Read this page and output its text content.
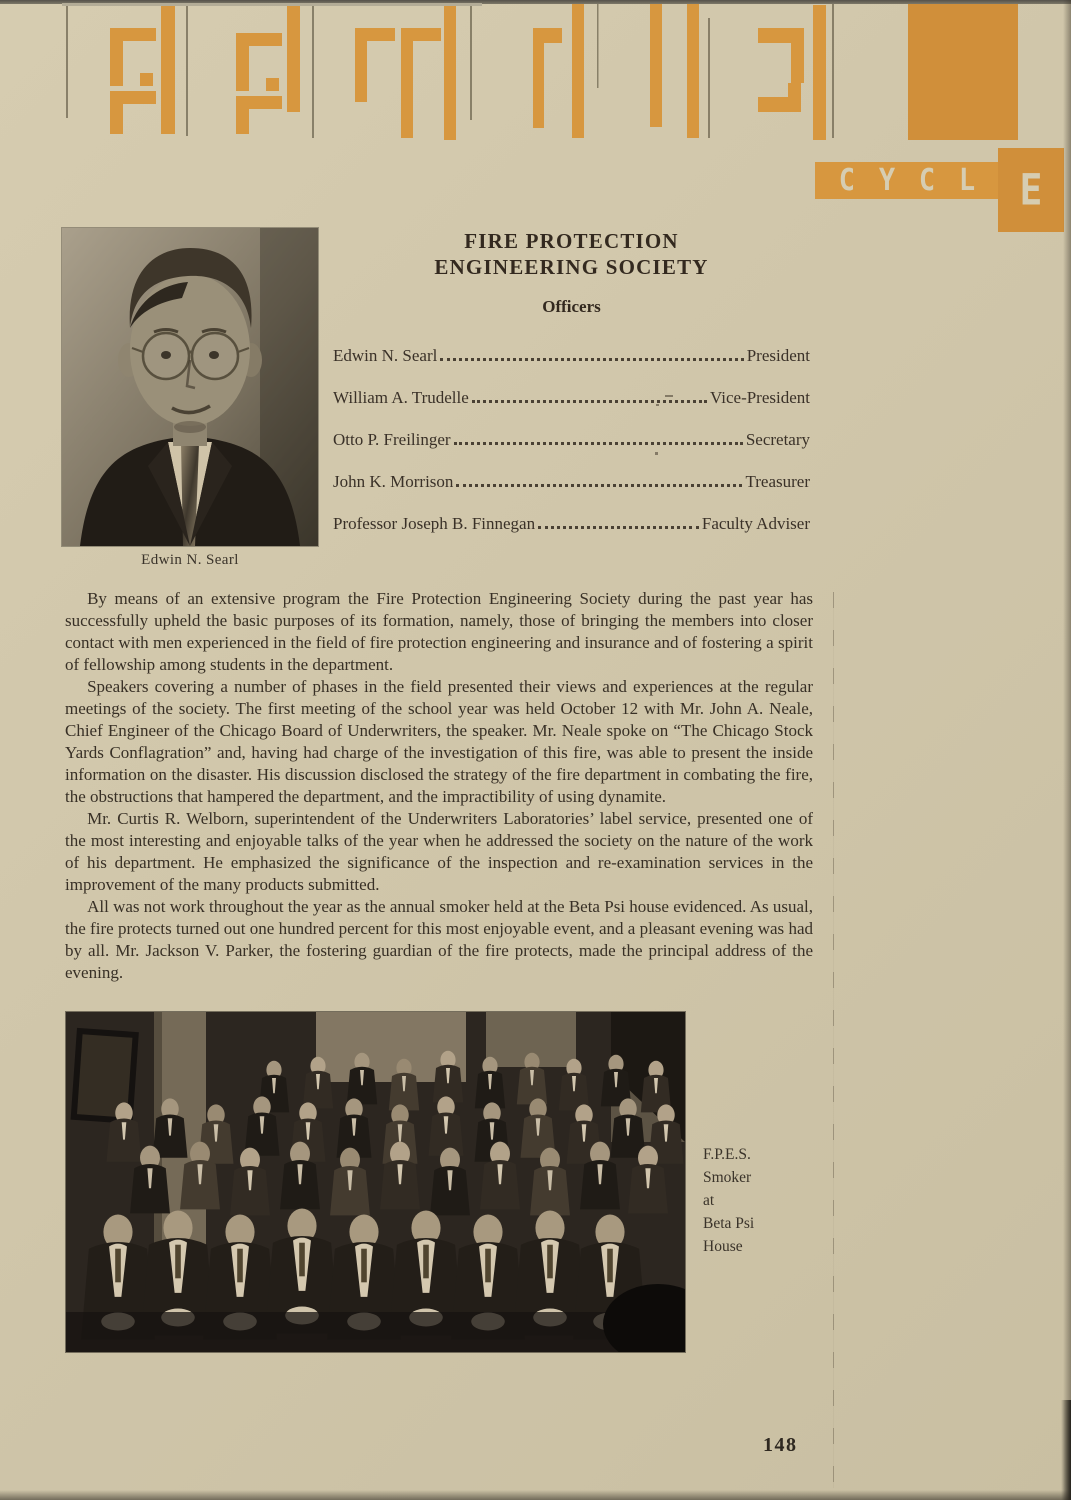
C Y C L E
Edwin N. Searl
FIRE PROTECTION
ENGINEERING SOCIETY
Officers
Edwin N. Searl	President
William A. Trudelle	Vice-President
Otto P. Freilinger	Secretary
John K. Morrison	Treasurer
Professor Joseph B. Finnegan	Faculty Adviser

By means of an extensive program the Fire Protection Engineering Society during the past year has successfully upheld the basic purposes of its formation, namely, those of bringing the members into closer contact with men experienced in the field of fire protection engineering and insurance and of fostering a spirit of fellowship among students in the department.

Speakers covering a number of phases in the field presented their views and experiences at the regular meetings of the society. The first meeting of the school year was held October 12 with Mr. John A. Neale, Chief Engineer of the Chicago Board of Underwriters, the speaker. Mr. Neale spoke on “The Chicago Stock Yards Conflagration” and, having had charge of the investigation of this fire, was able to present the inside information on the disaster. His discussion disclosed the strategy of the fire department in combating the fire, the obstructions that hampered the department, and the impractibility of using dynamite.

Mr. Curtis R. Welborn, superintendent of the Underwriters Laboratories’ label service, presented one of the most interesting and enjoyable talks of the year when he addressed the society on the nature of the work of his department. He emphasized the significance of the inspection and re-examination services in the improvement of the many products submitted.

All was not work throughout the year as the annual smoker held at the Beta Psi house evidenced. As usual, the fire protects turned out one hundred percent for this most enjoyable event, and a pleasant evening was had by all. Mr. Jackson V. Parker, the fostering guardian of the fire protects, made the principal address of the evening.

F.P.E.S.
Smoker
at
Beta Psi
House
148
